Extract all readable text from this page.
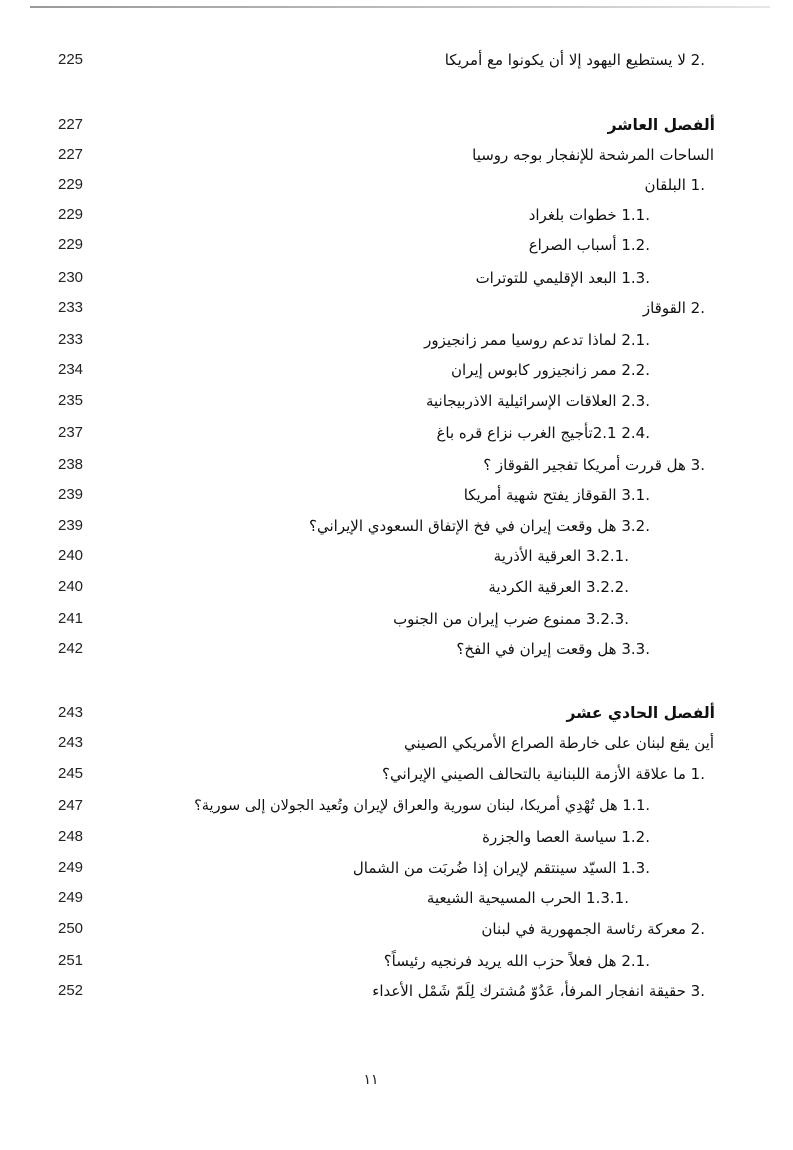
225	.2 لا يستطيع اليهود إلا أن يكونوا مع أمريكا
227	ألفصل العاشر
227	الساحات المرشحة للإنفجار بوجه روسيا
229	.1 البلقان
229	.1.1 خطوات بلغراد
229	.1.2 أسباب الصراع
230	.1.3 البعد الإقليمي للتوترات
233	.2 القوقاز
233	.2.1 لماذا تدعم روسيا ممر زانجيزور
234	.2.2 ممر زانجيزور كابوس إيران
235	.2.3 العلاقات الإسرائيلية الاذربيجانية
237	.2.4 2.1تأجيج الغرب نزاع قره باغ
238	.3 هل قررت أمريكا تفجير القوقاز ؟
239	.3.1 القوقاز يفتح شهية أمريكا
239	.3.2 هل وقعت إيران في فخ الإتفاق السعودي الإيراني؟
240	.3.2.1 العرقية الأذرية
240	.3.2.2 العرقية الكردية
241	.3.2.3 ممنوع ضرب إيران من الجنوب
242	.3.3 هل وقعت إيران في الفخ؟
243	ألفصل الحادي عشر
243	أين يقع لبنان على خارطة الصراع الأمريكي الصيني
245	.1 ما علاقة الأزمة اللبنانية بالتحالف الصيني الإيراني؟
247	.1.1 هل تُهْدِي أمريكا، لبنان سورية والعراق لإيران وتُعيد الجولان إلى سورية؟
248	.1.2 سياسة العصا والجزرة
249	.1.3 السيّد سينتقم لإيران إذا ضُربَت من الشمال
249	.1.3.1 الحرب المسيحية الشيعية
250	.2 معركة رئاسة الجمهورية في لبنان
251	.2.1 هل فعلاً حزب الله يريد فرنجيه رئيساً؟
252	.3 حقيقة انفجار المرفأ، عَدُوّ مُشترك لِلَمّ شَمْل الأعداء
١١
